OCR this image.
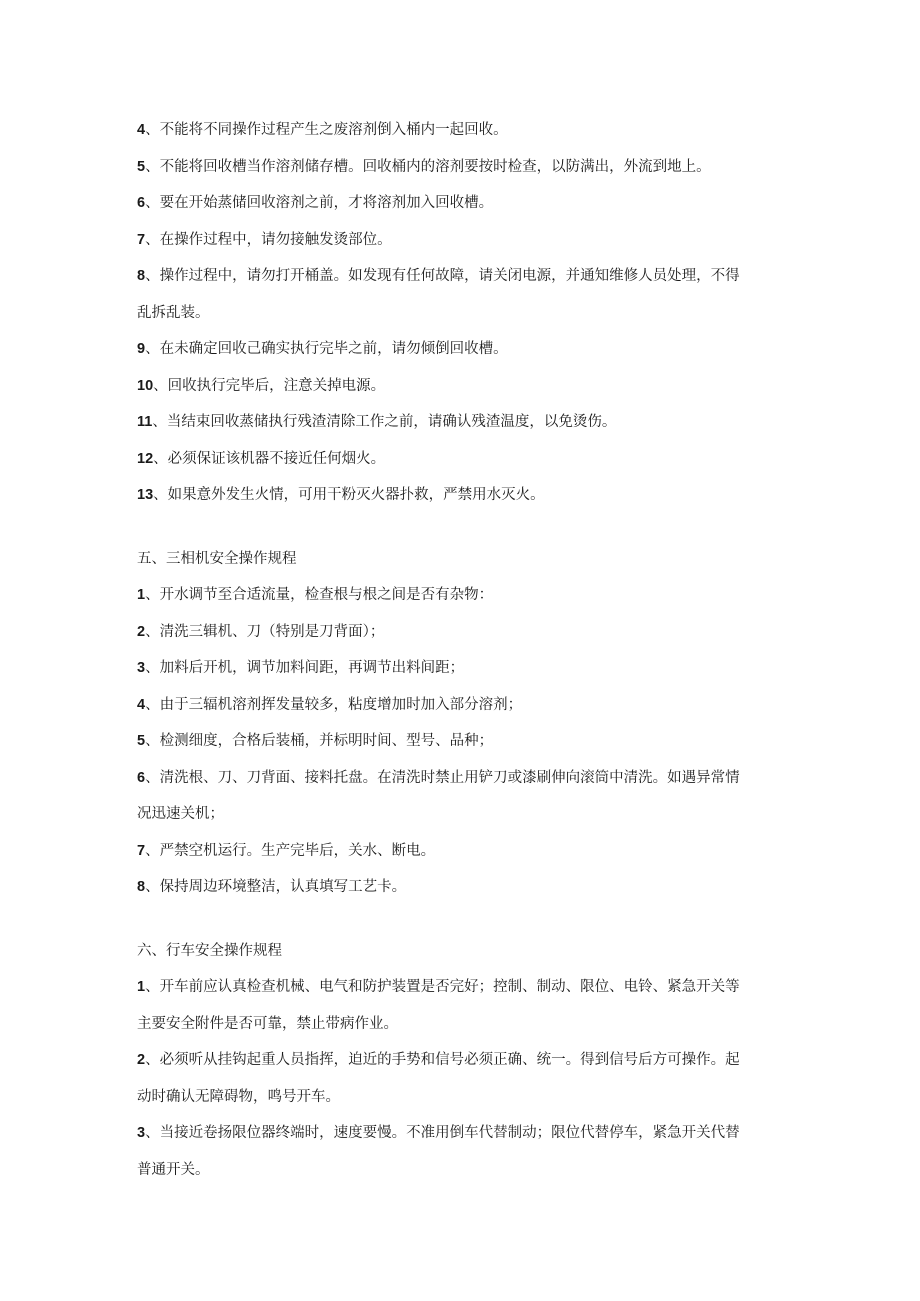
4、不能将不同操作过程产生之废溶剂倒入桶内一起回收。

5、不能将回收槽当作溶剂储存槽。回收桶内的溶剂要按时检查，以防满出，外流到地上。

6、要在开始蒸储回收溶剂之前，才将溶剂加入回收槽。

7、在操作过程中，请勿接触发烫部位。

8、操作过程中，请勿打开桶盖。如发现有任何故障，请关闭电源，并通知维修人员处理，不得

乱拆乱装。

9、在未确定回收己确实执行完毕之前，请勿倾倒回收槽。

10、回收执行完毕后，注意关掉电源。

11、当结束回收蒸储执行残渣清除工作之前，请确认残渣温度，以免烫伤。

12、必须保证该机器不接近任何烟火。

13、如果意外发生火情，可用干粉灭火器扑救，严禁用水灭火。

五、三相机安全操作规程

1、开水调节至合适流量，检查根与根之间是否有杂物：

2、清洗三辑机、刀（特别是刀背面）；

3、加料后开机，调节加料间距，再调节出料间距；

4、由于三辐机溶剂挥发量较多，粘度增加时加入部分溶剂；

5、检测细度，合格后装桶，并标明时间、型号、品种；

6、清洗根、刀、刀背面、接料托盘。在清洗时禁止用铲刀或漆刷伸向滚筒中清洗。如遇异常情

况迅速关机；

7、严禁空机运行。生产完毕后，关水、断电。

8、保持周边环境整洁，认真填写工艺卡。

六、行车安全操作规程

1、开车前应认真检查机械、电气和防护装置是否完好；控制、制动、限位、电铃、紧急开关等

主要安全附件是否可靠，禁止带病作业。

2、必须听从挂钩起重人员指挥，迫近的手势和信号必须正确、统一。得到信号后方可操作。起

动时确认无障碍物，鸣号开车。

3、当接近卷扬限位器终端时，速度要慢。不准用倒车代替制动；限位代替停车，紧急开关代替

普通开关。
